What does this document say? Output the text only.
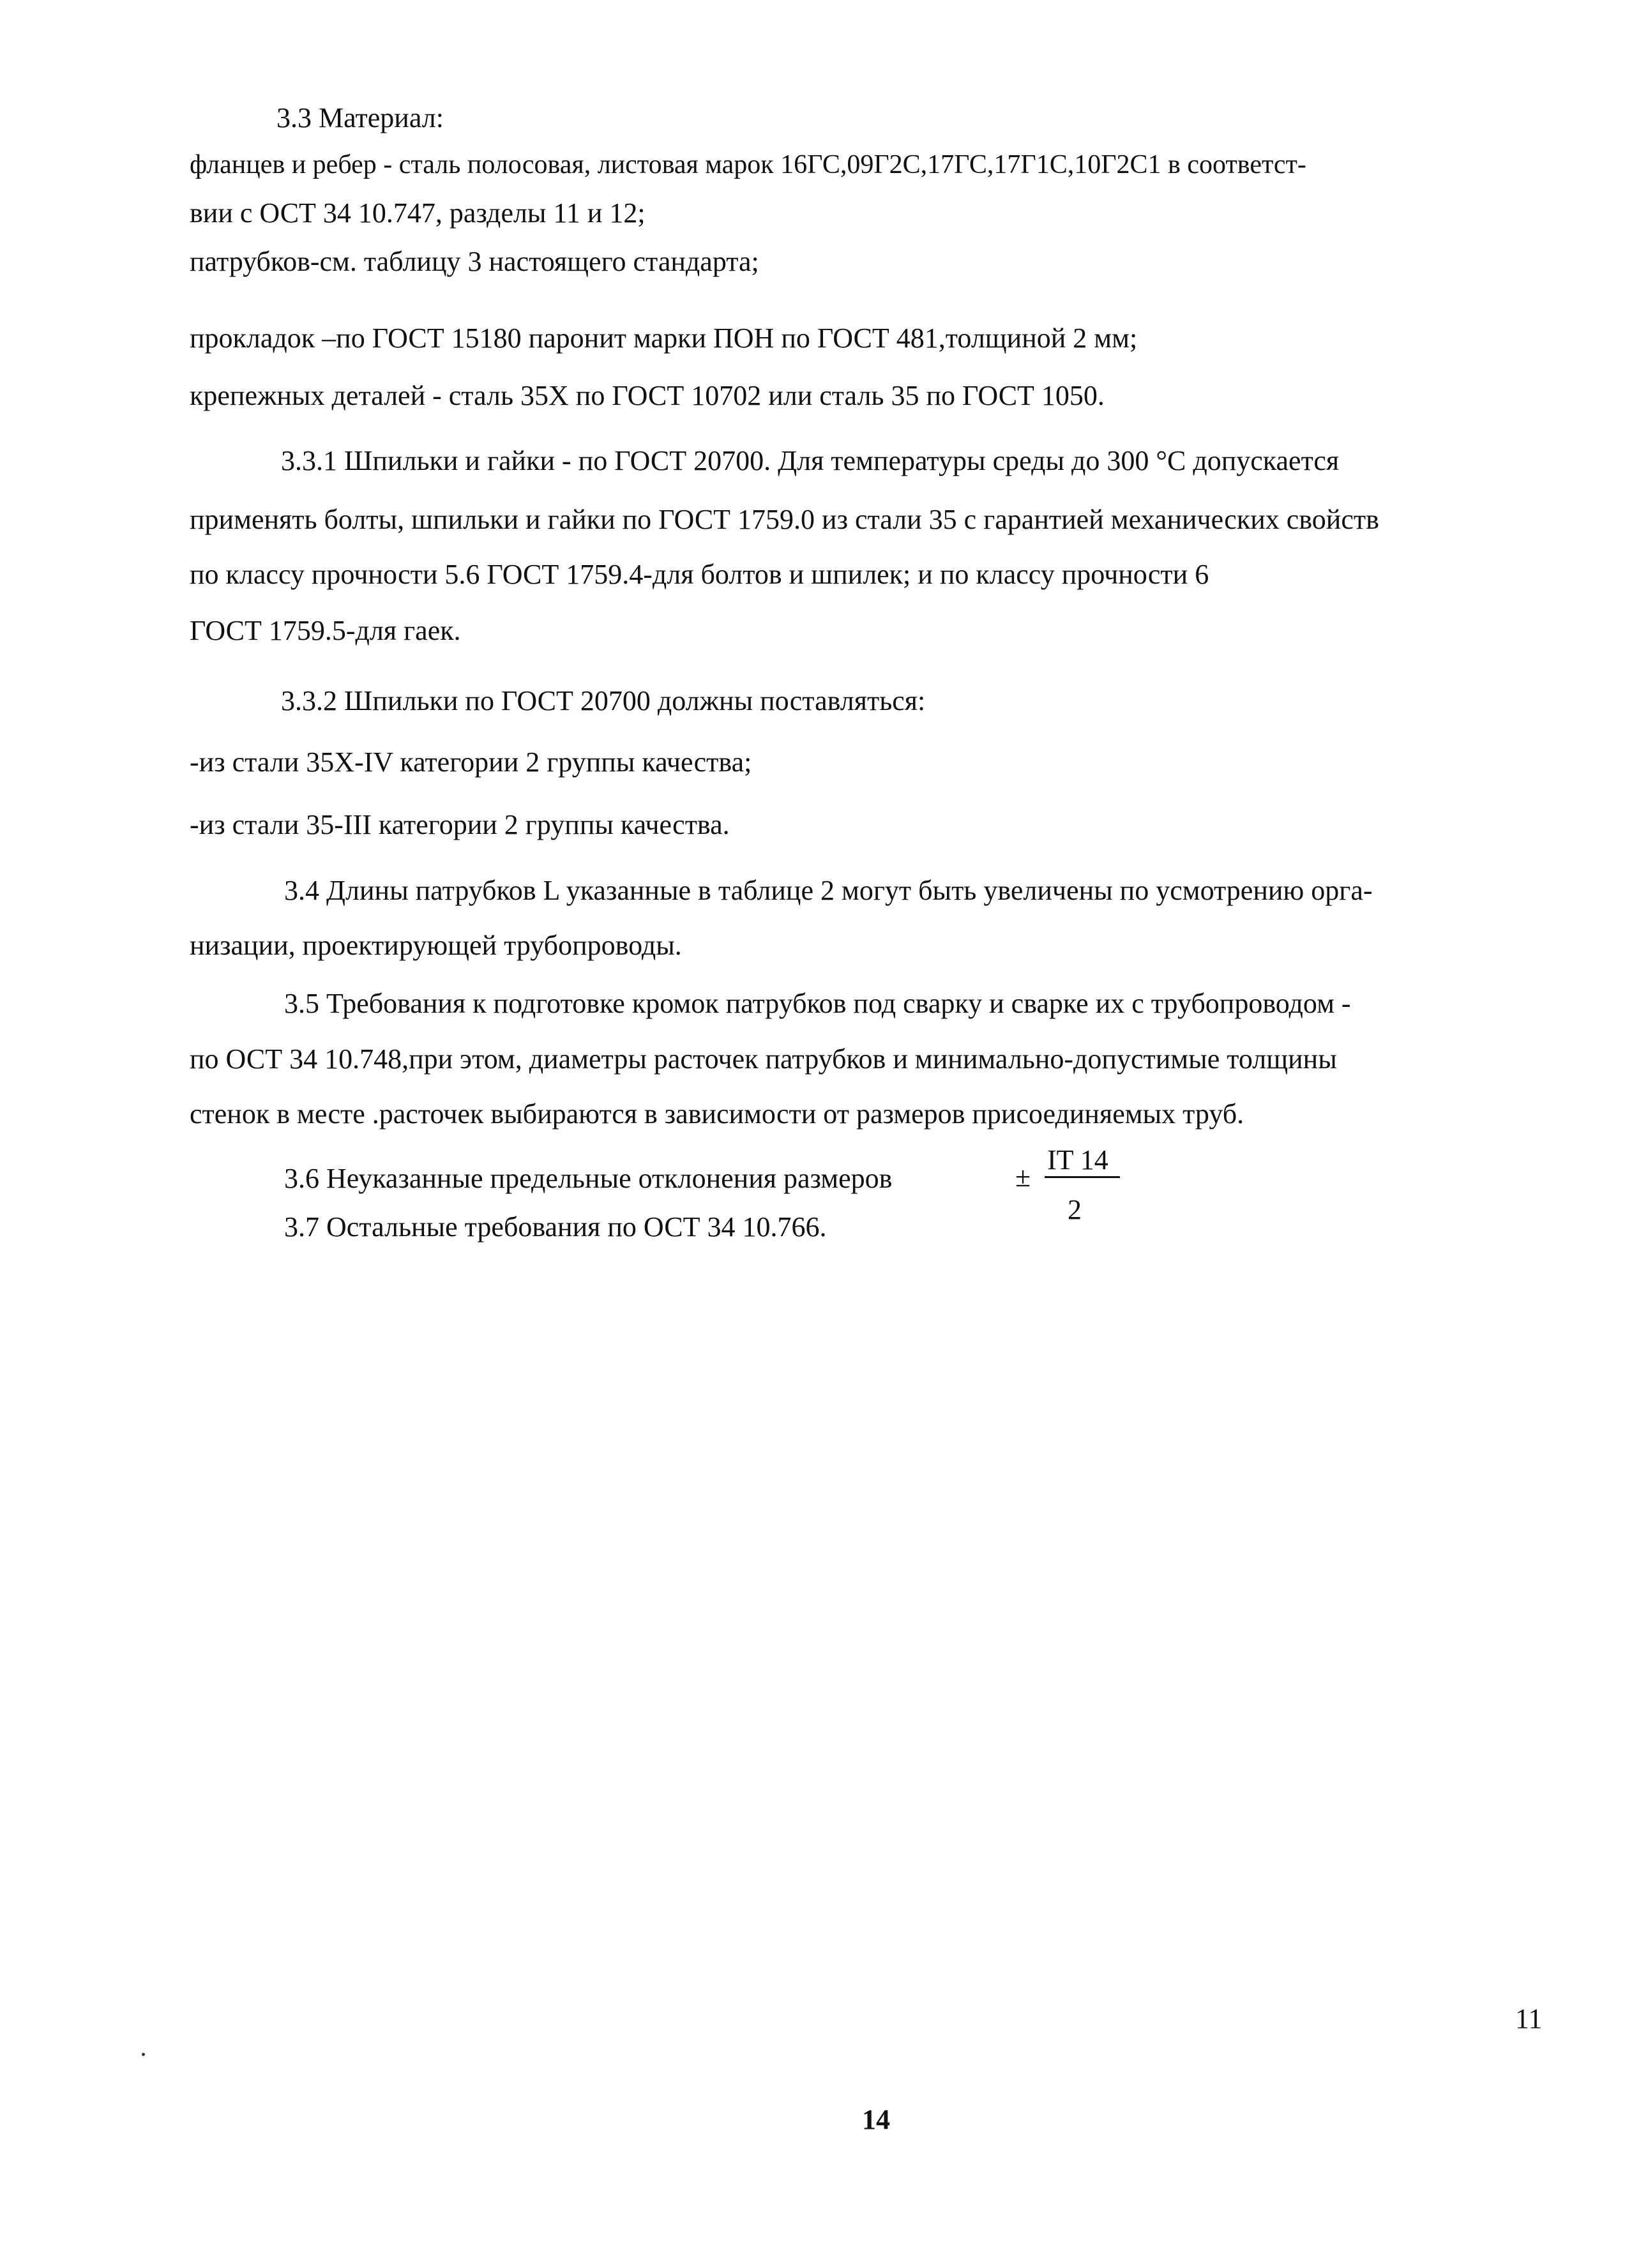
3.3 Материал:
фланцев и ребер - сталь полосовая, листовая марок 16ГС,09Г2С,17ГС,17Г1С,10Г2С1 в соответст-
вии с ОСТ 34 10.747, разделы 11 и 12;
патрубков-см. таблицу 3 настоящего стандарта;
прокладок –по ГОСТ 15180 паронит марки ПОН по ГОСТ 481,толщиной 2 мм;
крепежных деталей - сталь 35Х по ГОСТ 10702 или сталь 35 по ГОСТ 1050.
3.3.1 Шпильки и гайки - по ГОСТ 20700. Для температуры среды до 300 °С допускается
применять болты, шпильки и гайки по ГОСТ 1759.0 из стали 35 с гарантией механических свойств
по классу прочности 5.6 ГОСТ 1759.4-для болтов и шпилек; и по классу прочности 6
ГОСТ 1759.5-для гаек.
3.3.2 Шпильки по ГОСТ 20700 должны поставляться:
-из стали 35Х-IV категории 2 группы качества;
-из стали 35-III категории 2 группы качества.
3.4 Длины патрубков L указанные в таблице 2 могут быть увеличены по усмотрению орга-
низации, проектирующей трубопроводы.
3.5 Требования к подготовке кромок патрубков под сварку и сварке их с трубопроводом -
по ОСТ 34 10.748,при этом, диаметры расточек патрубков и минимально-допустимые толщины
стенок в месте .расточек выбираются в зависимости от размеров присоединяемых труб.
3.6 Неуказанные предельные отклонения размеров	±
IT 14
2
3.7 Остальные требования по ОСТ 34 10.766.
11
14
